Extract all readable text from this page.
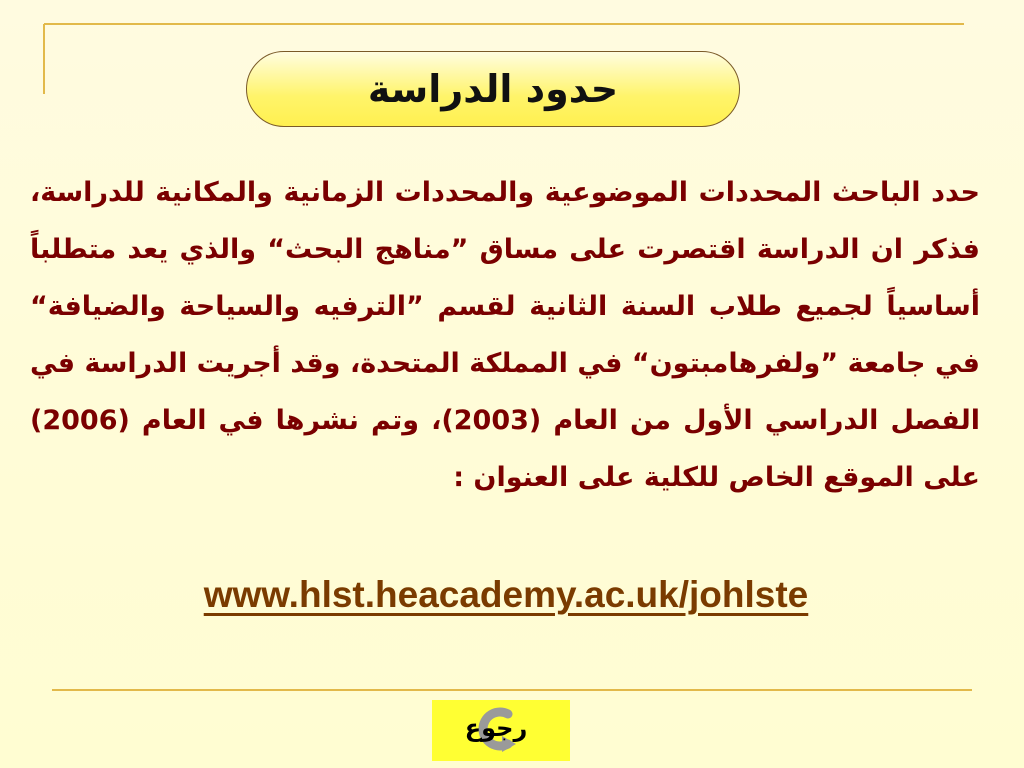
حدود الدراسة

حدد الباحث المحددات الموضوعية والمحددات الزمانية والمكانية للدراسة، فذكر ان الدراسة اقتصرت على مساق ”مناهج البحث“ والذي يعد متطلباً أساسياً لجميع طلاب السنة الثانية لقسم ”الترفيه والسياحة والضيافة“ في جامعة ”ولفرهامبتون“ في المملكة المتحدة، وقد أجريت الدراسة في الفصل الدراسي الأول من العام (2003)، وتم نشرها في العام (2006) على الموقع الخاص للكلية على العنوان :

www.hlst.heacademy.ac.uk/johlste
رجوع
